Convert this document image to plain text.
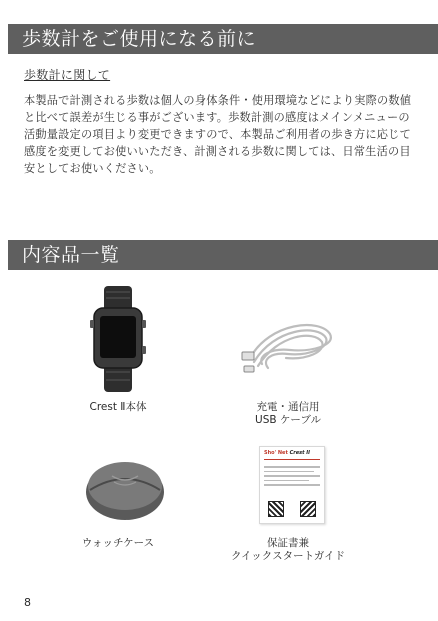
歩数計をご使用になる前に
歩数計に関して

本製品で計測される歩数は個人の身体条件・使用環境などにより実際の数値と比べて誤差が生じる事がございます。歩数計測の感度はメインメニューの活動量設定の項目より変更できますので、本製品ご利用者の歩き方に応じて感度を変更してお使いいただき、計測される歩数に関しては、日常生活の目安としてお使いください。

内容品一覧
Sho' Net Crest II
Crest Ⅱ本体	充電・通信用
USB ケーブル
ウォッチケース	保証書兼
クイックスタートガイド
8
